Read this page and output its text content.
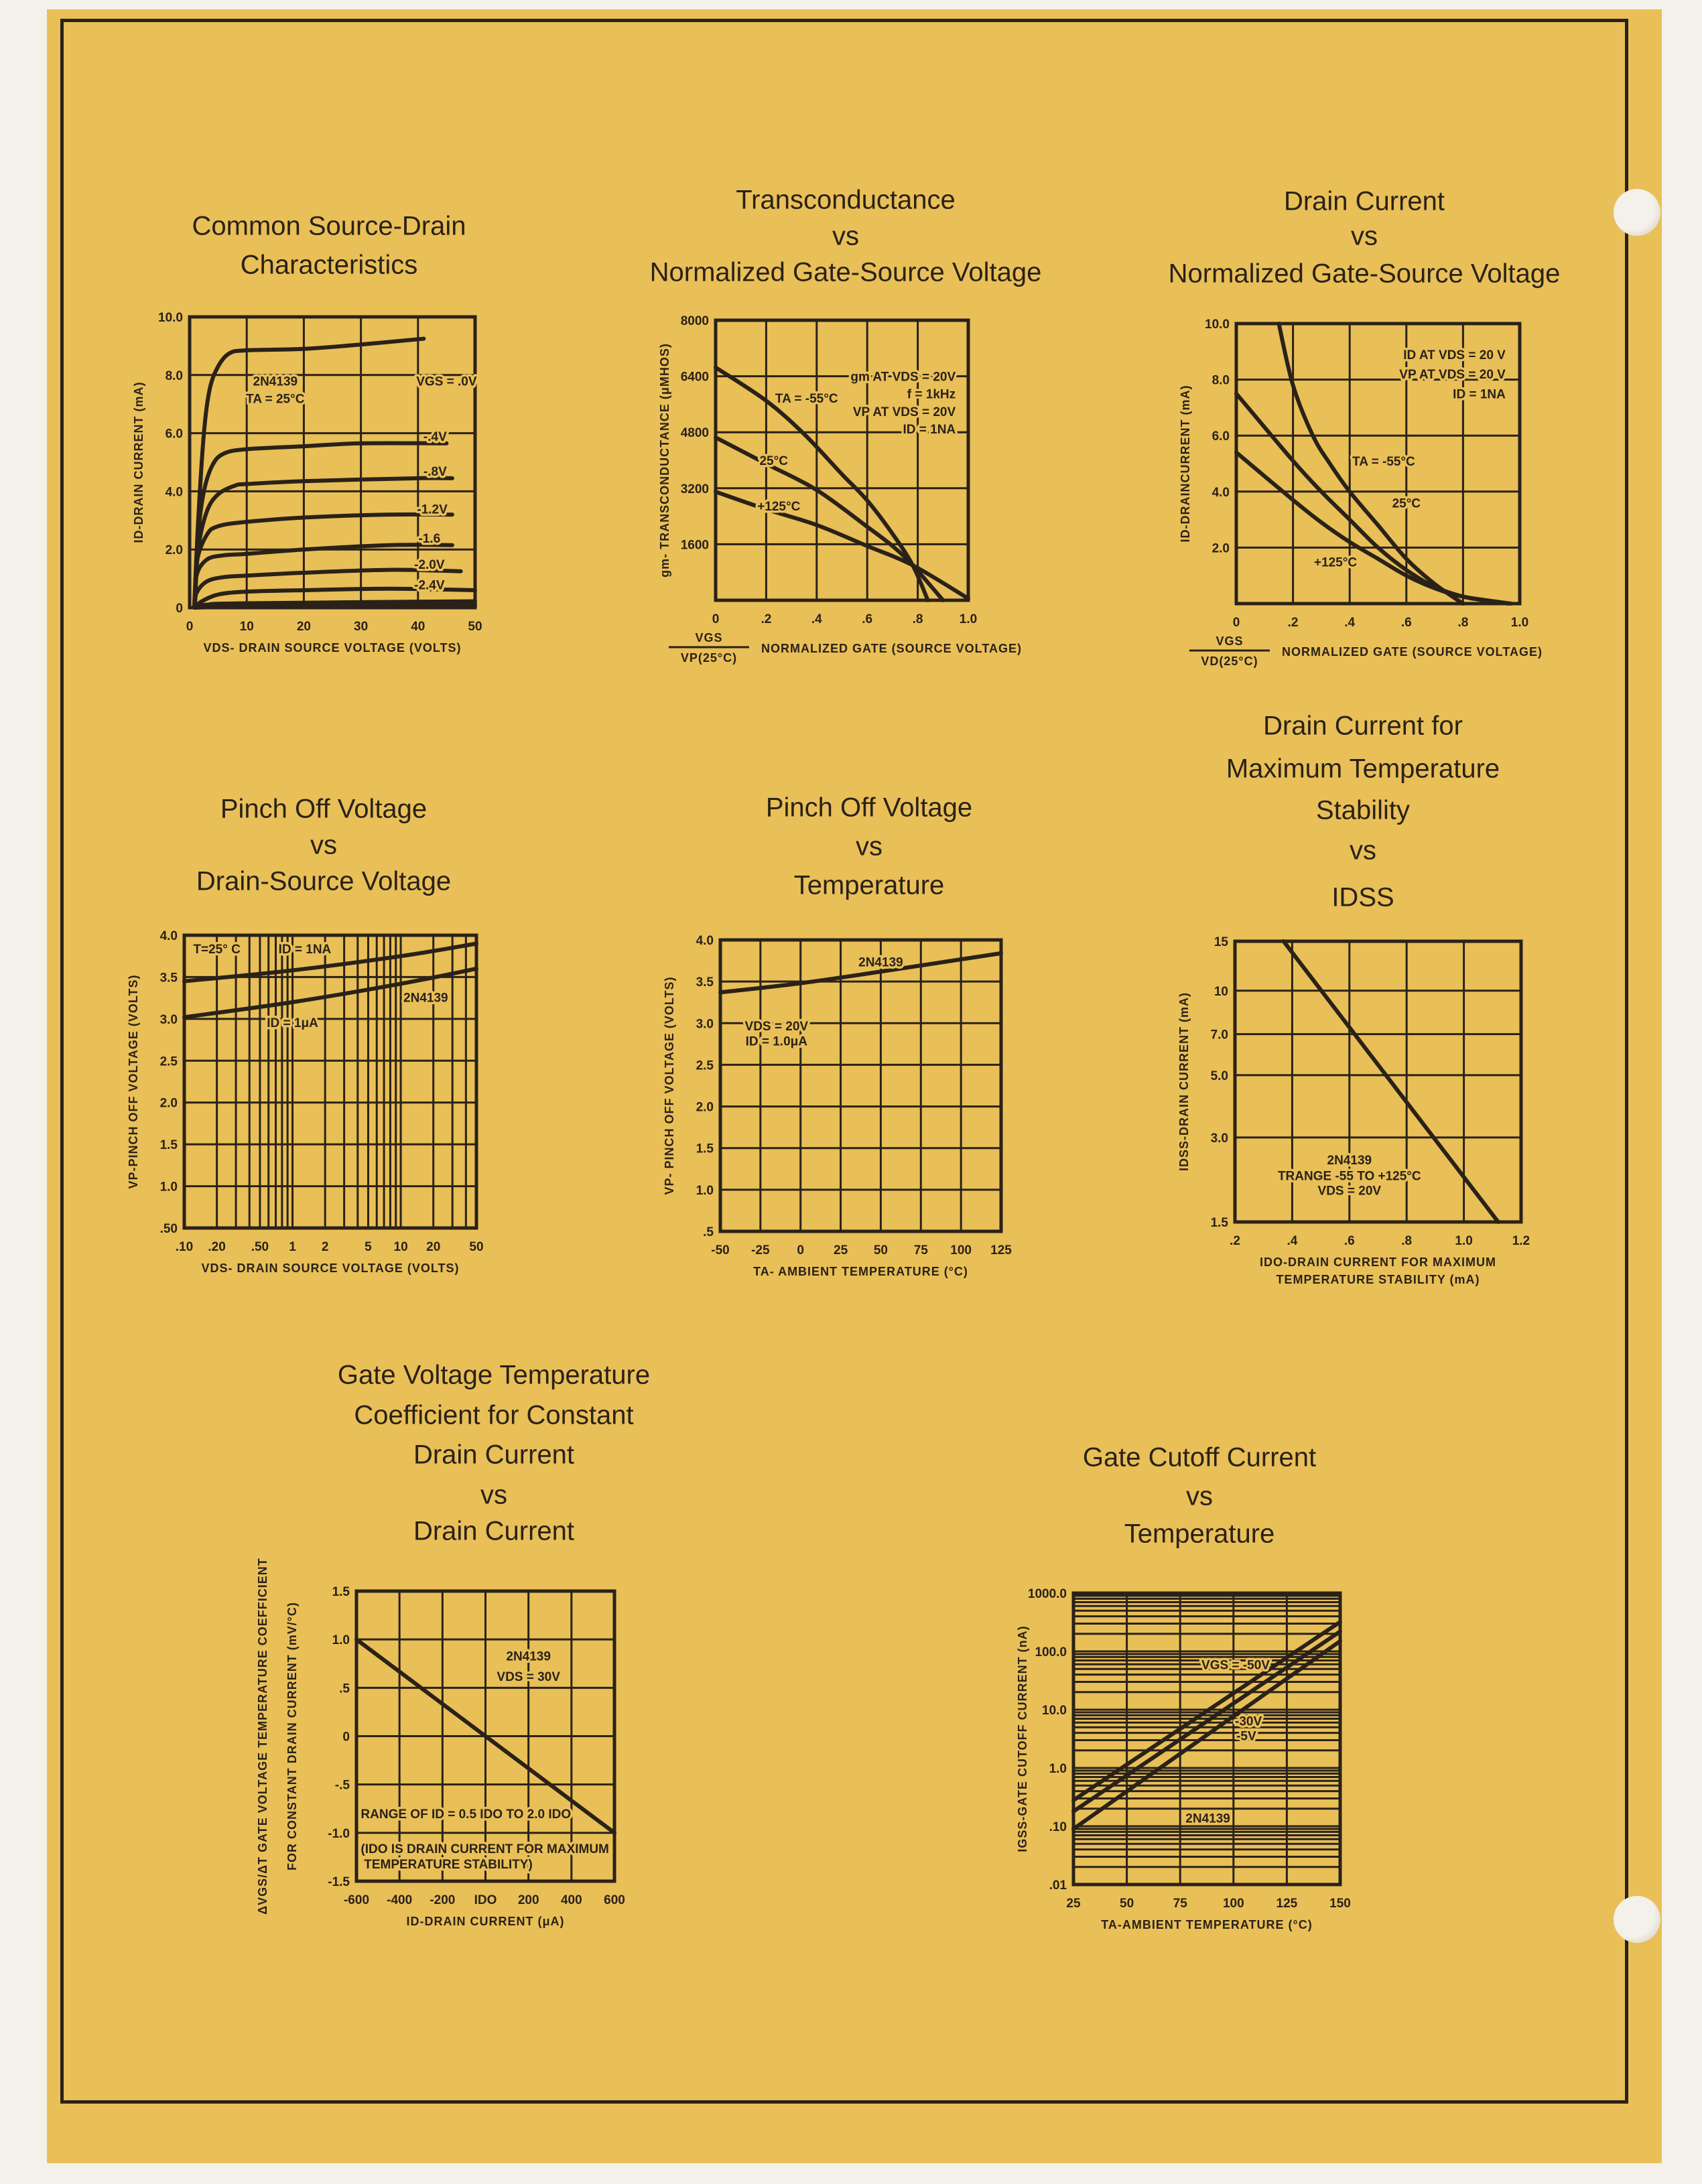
Common Source-Drain
Characteristics
0	10	20	30	40	50
0
2.0
4.0
6.0
8.0
10.0
2N4139
TA = 25°C
VGS = .0V
-.4V
-.8V
-1.2V
-1.6
-2.0V
-2.4V
VDS- DRAIN SOURCE VOLTAGE (VOLTS)
ID-DRAIN CURRENT (mA)
Transconductance
vs
Normalized Gate-Source Voltage
0	.2	.4	.6	.8	1.0
1600
3200
4800
6400
8000
TA = -55°C
25°C
+125°C
gm AT VDS = 20V
f = 1kHz
VP AT VDS = 20V
ID = 1NA
VGS
VP(25°C)
NORMALIZED GATE (SOURCE VOLTAGE)
gm- TRANSCONDUCTANCE (μMHOS)
Drain Current
vs
Normalized Gate-Source Voltage
0	.2	.4	.6	.8	1.0
2.0
4.0
6.0
8.0
10.0
TA = -55°C
25°C
+125°C
ID AT VDS = 20 V
VP AT VDS = 20 V
ID = 1NA
VGS
VD(25°C)
NORMALIZED GATE (SOURCE VOLTAGE)
ID-DRAINCURRENT (mA)
Pinch Off Voltage
vs
Drain-Source Voltage
.10 .20 .50 1 2	5 10 20 50
.50
1.0
1.5
2.0
2.5
3.0
3.5
4.0
T=25° C	ID = 1NA
2N4139
ID = 1μA
VDS- DRAIN SOURCE VOLTAGE (VOLTS)
VP-PINCH OFF VOLTAGE (VOLTS)
Pinch Off Voltage
vs
Temperature
-50 -25 0 25 50 75 100 125
.5
1.0
1.5
2.0
2.5
3.0
3.5
4.0
2N4139
VDS = 20V
ID = 1.0μA
TA- AMBIENT TEMPERATURE (°C)
VP- PINCH OFF VOLTAGE (VOLTS)
Drain Current for
Maximum Temperature
Stability
vs
IDSS
.2	.4	.6	.8	1.0	1.2
1.5
3.0
5.0
7.0
10
15
2N4139
TRANGE -55 TO +125°C
VDS = 20V
IDO-DRAIN CURRENT FOR MAXIMUM
TEMPERATURE STABILITY (mA)
IDSS-DRAIN CURRENT (mA)
Gate Voltage Temperature
Coefficient for Constant
Drain Current
vs
Drain Current
-600 -400 -200 IDO 200 400 600
-1.5
-1.0
-.5
0
.5
1.0
1.5
2N4139
VDS = 30V
RANGE OF ID = 0.5 IDO TO 2.0 IDO
(IDO IS DRAIN CURRENT FOR MAXIMUM
TEMPERATURE STABILITY)
ID-DRAIN CURRENT (μA)
ΔVGS/ΔT GATE VOLTAGE TEMPERATURE COEFFICIENT FOR CONSTANT DRAIN CURRENT (mV/°C)
Gate Cutoff Current
vs
Temperature
25	50	75	100	125	150
.01
.10
1.0
10.0
100.0
1000.0
VGS = -50V
-30V
-5V
2N4139
TA-AMBIENT TEMPERATURE (°C)
IGSS-GATE CUTOFF CURRENT (nA)
